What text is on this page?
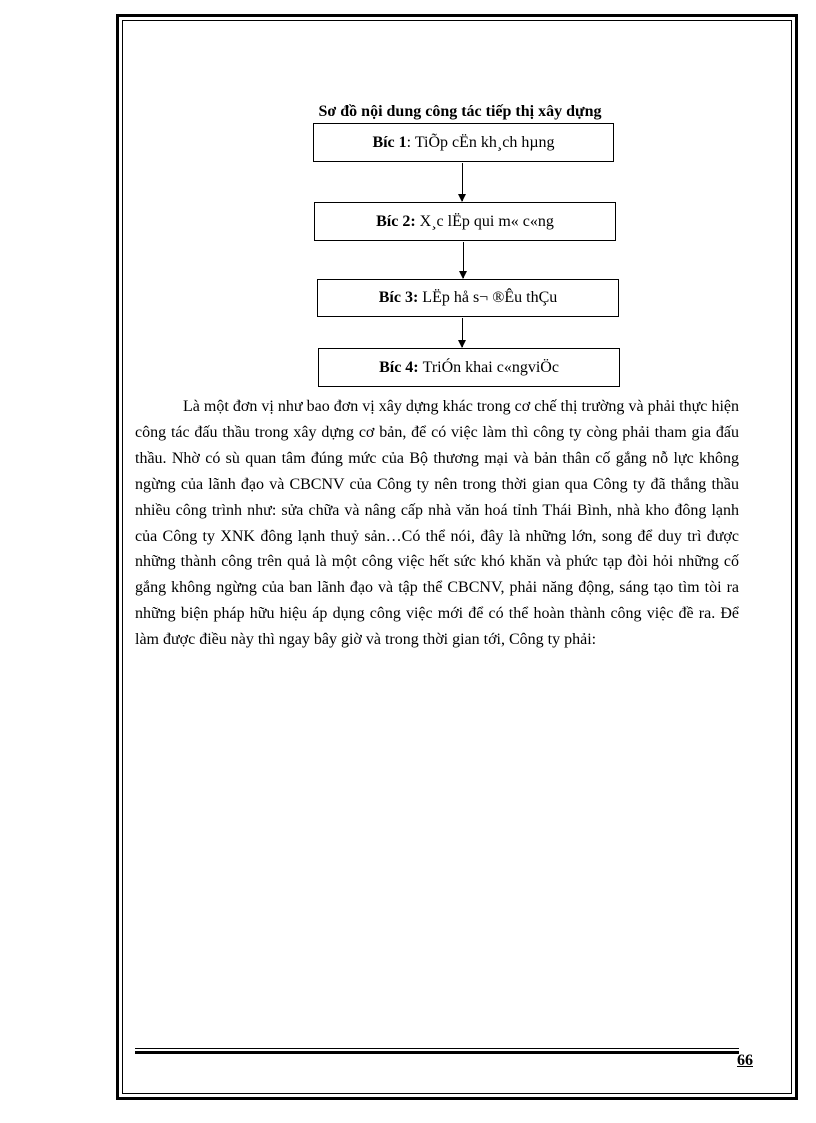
Sơ đồ nội dung công tác tiếp thị xây dựng
Bíc 1 : TiÕp cËn kh¸ch hµng
Bíc 2: X¸c lËp qui m« c«ng
Bíc 3: LËp hå s¬ ®Êu thÇu
Bíc 4: TriÓn khai c«ngviÖc

Là một đơn vị như bao đơn vị xây dựng khác trong cơ chế thị trường và phải thực hiện công tác đấu thầu trong xây dựng cơ bản, để có việc làm thì công ty còng phải tham gia đấu thầu. Nhờ có sù quan tâm đúng mức của Bộ thương mại và bản thân cố gắng nỗ lực không ngừng của lãnh đạo và CBCNV của Công ty nên trong thời gian qua Công ty đã thắng thầu nhiều công trình như: sửa chữa và nâng cấp nhà văn hoá tỉnh Thái Bình, nhà kho đông lạnh của Công ty XNK đông lạnh thuỷ sản…Có thể nói, đây là những lớn, song để duy trì được những thành công trên quả là một công việc hết sức khó khăn và phức tạp đòi hỏi những cố gắng không ngừng của ban lãnh đạo và tập thể CBCNV, phải năng động, sáng tạo tìm tòi ra những biện pháp hữu hiệu áp dụng công việc mới để có thể hoàn thành công việc đề ra. Để làm được điều này thì ngay bây giờ và trong thời gian tới, Công ty phải:

66
